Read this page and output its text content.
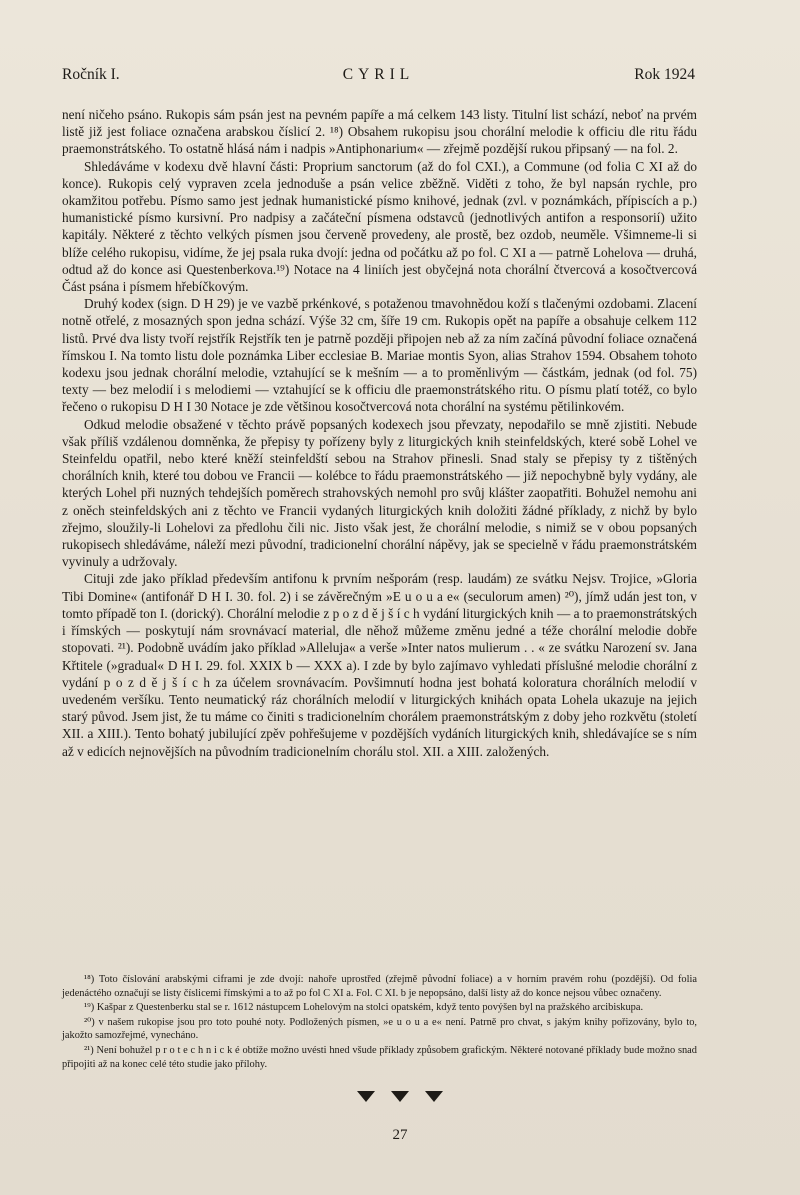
Ročník I.	CYRIL	Rok 1924

není ničeho psáno. Rukopis sám psán jest na pevném papíře a má celkem 143 listy. Titulní list schází, neboť na prvém listě již jest foliace označena arabskou číslicí 2. ¹⁸) Obsahem rukopisu jsou chorální melodie k officiu dle ritu řádu praemonstrátského. To ostatně hlásá nám i nadpis »Antiphonarium« — zřejmě pozdější rukou připsaný — na fol. 2.

Shledáváme v kodexu dvě hlavní části: Proprium sanctorum (až do fol CXI.), a Commune (od folia C XI až do konce). Rukopis celý vypraven zcela jednoduše a psán velice zběžně. Viděti z toho, že byl napsán rychle, pro okamžitou potřebu. Písmo samo jest jednak humanistické písmo knihové, jednak (zvl. v poznámkách, přípiscích a p.) humanistické písmo kursivní. Pro nadpisy a začáteční písmena odstavců (jednotlivých antifon a responsorií) užito kapitály. Některé z těchto velkých písmen jsou červeně provedeny, ale prostě, bez ozdob, neuměle. Všimneme-li si blíže celého rukopisu, vidíme, že jej psala ruka dvojí: jedna od počátku až po fol. C XI a — patrně Lohelova — druhá, odtud až do konce asi Questenberkova.¹⁹) Notace na 4 liniích jest obyčejná nota chorální čtvercová a kosočtvercová Část psána i písmem hřebíčkovým.

Druhý kodex (sign. D H 29) je ve vazbě prkénkové, s potaženou tmavohnědou koží s tlačenými ozdobami. Zlacení notně otřelé, z mosazných spon jedna schází. Výše 32 cm, šíře 19 cm. Rukopis opět na papíře a obsahuje celkem 112 listů. Prvé dva listy tvoří rejstřík Rejstřík ten je patrně později připojen neb až za ním začíná původní foliace označená římskou I. Na tomto listu dole poznámka Liber ecclesiae B. Mariae montis Syon, alias Strahov 1594. Obsahem tohoto kodexu jsou jednak chorální melodie, vztahující se k mešním — a to proměnlivým — částkám, jednak (od fol. 75) texty — bez melodií i s melodiemi — vztahující se k officiu dle praemonstrátského ritu. O písmu platí totéž, co bylo řečeno o rukopisu D H I 30 Notace je zde většinou kosočtvercová nota chorální na systému pětilinkovém.

Odkud melodie obsažené v těchto právě popsaných kodexech jsou převzaty, nepodařilo se mně zjistiti. Nebude však příliš vzdálenou domněnka, že přepisy ty pořízeny byly z liturgických knih steinfeldských, které sobě Lohel ve Steinfeldu opatřil, nebo které kněží steinfeldští sebou na Strahov přinesli. Snad staly se přepisy ty z tištěných chorálních knih, které tou dobou ve Francii — kolébce to řádu praemonstrátského — již nepochybně byly vydány, ale kterých Lohel při nuzných tehdejších poměrech strahovských nemohl pro svůj klášter zaopatřiti. Bohužel nemohu ani z oněch steinfeldských ani z těchto ve Francii vydaných liturgických knih doložiti žádné příklady, z nichž by bylo zřejmo, sloužily-li Lohelovi za předlohu čili nic. Jisto však jest, že chorální melodie, s nimiž se v obou popsaných rukopisech shledáváme, náleží mezi původní, tradicionelní chorální nápěvy, jak se specielně v řádu praemonstrátském vyvinuly a udržovaly.

Cituji zde jako příklad především antifonu k prvním nešporám (resp. laudám) ze svátku Nejsv. Trojice, »Gloria Tibi Domine« (antifonář D H I. 30. fol. 2) i se závěrečným »E u o u a e« (seculorum amen) ²⁰), jímž udán jest ton, v tomto případě ton I. (dorický). Chorální melodie z p o z d ě j š í c h vydání liturgických knih — a to praemonstrátských i římských — poskytují nám srovnávací material, dle něhož můžeme změnu jedné a téže chorální melodie dobře stopovati. ²¹). Podobně uvádím jako příklad »Alleluja« a verše »Inter natos mulierum . . « ze svátku Narození sv. Jana Křtitele (»gradual« D H I. 29. fol. XXIX b — XXX a). I zde by bylo zajímavo vyhledati příslušné melodie chorální z vydání p o z d ě j š í c h za účelem srovnávacím. Povšimnutí hodna jest bohatá koloratura chorálních melodií v uvedeném veršíku. Tento neumatický ráz chorálních melodií v liturgických knihách opata Lohela ukazuje na jejich starý původ. Jsem jist, že tu máme co činiti s tradicionelním chorálem praemonstrátským z doby jeho rozkvětu (století XII. a XIII.). Tento bohatý jubilující zpěv pohřešujeme v pozdějších vydáních liturgických knih, shledávajíce se s ním až v edicích nejnovějších na původním tradicionelním chorálu stol. XII. a XIII. založených.

¹⁸) Toto číslování arabskými ciframi je zde dvojí: nahoře uprostřed (zřejmě původní foliace) a v horním pravém rohu (pozdější). Od folia jedenáctého označují se listy číslicemi římskými a to až po fol C XI a. Fol. C XI. b je nepopsáno, další listy až do konce nejsou vůbec označeny.

¹⁹) Kašpar z Questenberku stal se r. 1612 nástupcem Lohelovým na stolci opatském, když tento povýšen byl na pražského arcibiskupa.

²⁰) v našem rukopise jsou pro toto pouhé noty. Podložených písmen, »e u o u a e« není. Patrně pro chvat, s jakým knihy pořizovány, bylo to, jakožto samozřejmé, vynecháno.

²¹) Není bohužel p r o t e c h n i c k é obtíže možno uvésti hned všude příklady způsobem grafickým. Některé notované příklady bude možno snad připojiti až na konec celé této studie jako přílohy.

27
